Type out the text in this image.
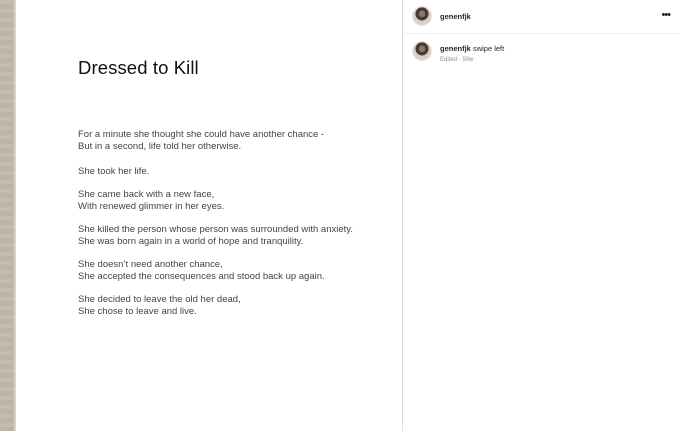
Dressed to Kill

For a minute she thought she could have another chance -
But in a second, life told her otherwise.

She took her life.

She came back with a new face,
With renewed glimmer in her eyes.

She killed the person whose person was surrounded with anxiety.
She was born again in a world of hope and tranquility.

She doesn’t need another chance,
She accepted the consequences and stood back up again.

She decided to leave the old her dead,
She chose to leave and live.

genenfjk	•••
genenfjk swipe left
Edited · 50w
